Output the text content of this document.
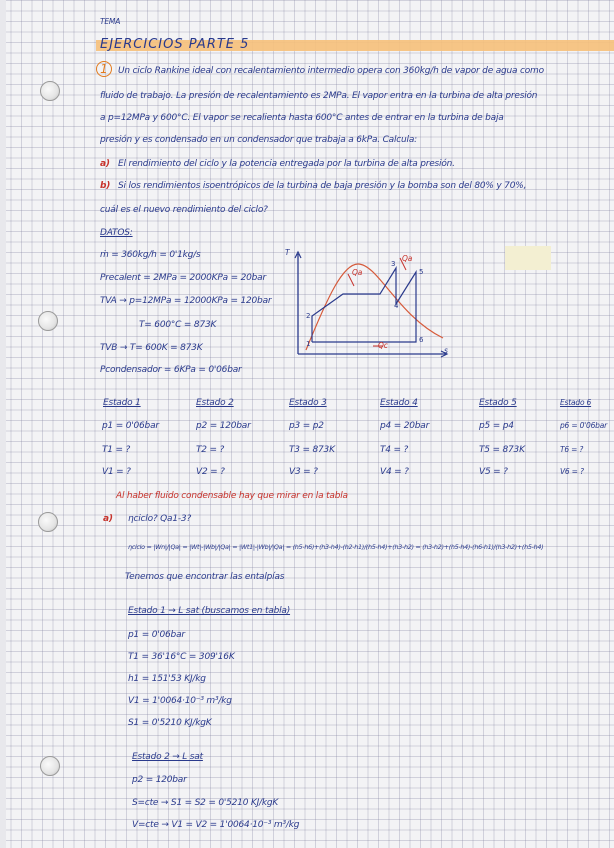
TEMA
EJERCICIOS PARTE 5
1	Un ciclo Rankine ideal con recalentamiento intermedio opera con 360kg/h de vapor de agua como
fluido de trabajo. La presión de recalentamiento es 2MPa. El vapor entra en la turbina de alta presión
a p=12MPa y 600°C. El vapor se recalienta hasta 600°C antes de entrar en la turbina de baja
presión y es condensado en un condensador que trabaja a 6kPa. Calcula:
a) El rendimiento del ciclo y la potencia entregada por la turbina de alta presión.
b) Si los rendimientos isoentrópicos de la turbina de baja presión y la bomba son del 80% y 70%,
cuál es el nuevo rendimiento del ciclo?
DATOS:
ṁ = 360kg/h = 0'1kg/s
Precalent = 2MPa = 2000KPa = 20bar
TVA → p=12MPa = 12000KPa = 120bar
T= 600°C = 873K
TVB → T= 600K = 873K
Pcondensador = 6KPa = 0'06bar
1
2
3
4
5
6
T
s
Qa
Qa
Qc
Estado 1
p1 = 0'06bar
T1 = ?
V1 = ?
Estado 2
p2 = 120bar
T2 = ?
V2 = ?
Estado 3
p3 = p2
T3 = 873K
V3 = ?
Estado 4
p4 = 20bar
T4 = ?
V4 = ?
Estado 5
p5 = p4
T5 = 873K
V5 = ?
Estado 6
p6 = 0'06bar
T6 = ?
V6 = ?
Al haber fluido condensable hay que mirar en la tabla
a) ηciclo? Qa1-3?
ηciclo = |Wn|/|Qa| = |Wt|-|Wb|/|Qa| = |Wt1|-|Wb|/|Qa| = (h5-h6)+(h3-h4)-(h2-h1)/(h5-h4)+(h3-h2) = (h3-h2)+(h5-h4)-(h6-h1)/(h3-h2)+(h5-h4)
Tenemos que encontrar las entalpías
Estado 1 → L sat (buscamos en tabla)
p1 = 0'06bar
T1 = 36'16°C = 309'16K
h1 = 151'53 KJ/kg
V1 = 1'0064·10⁻³ m³/kg
S1 = 0'5210 KJ/kgK
Estado 2 → L sat
p2 = 120bar
S=cte → S1 = S2 = 0'5210 KJ/kgK
V=cte → V1 = V2 = 1'0064·10⁻³ m³/kg
